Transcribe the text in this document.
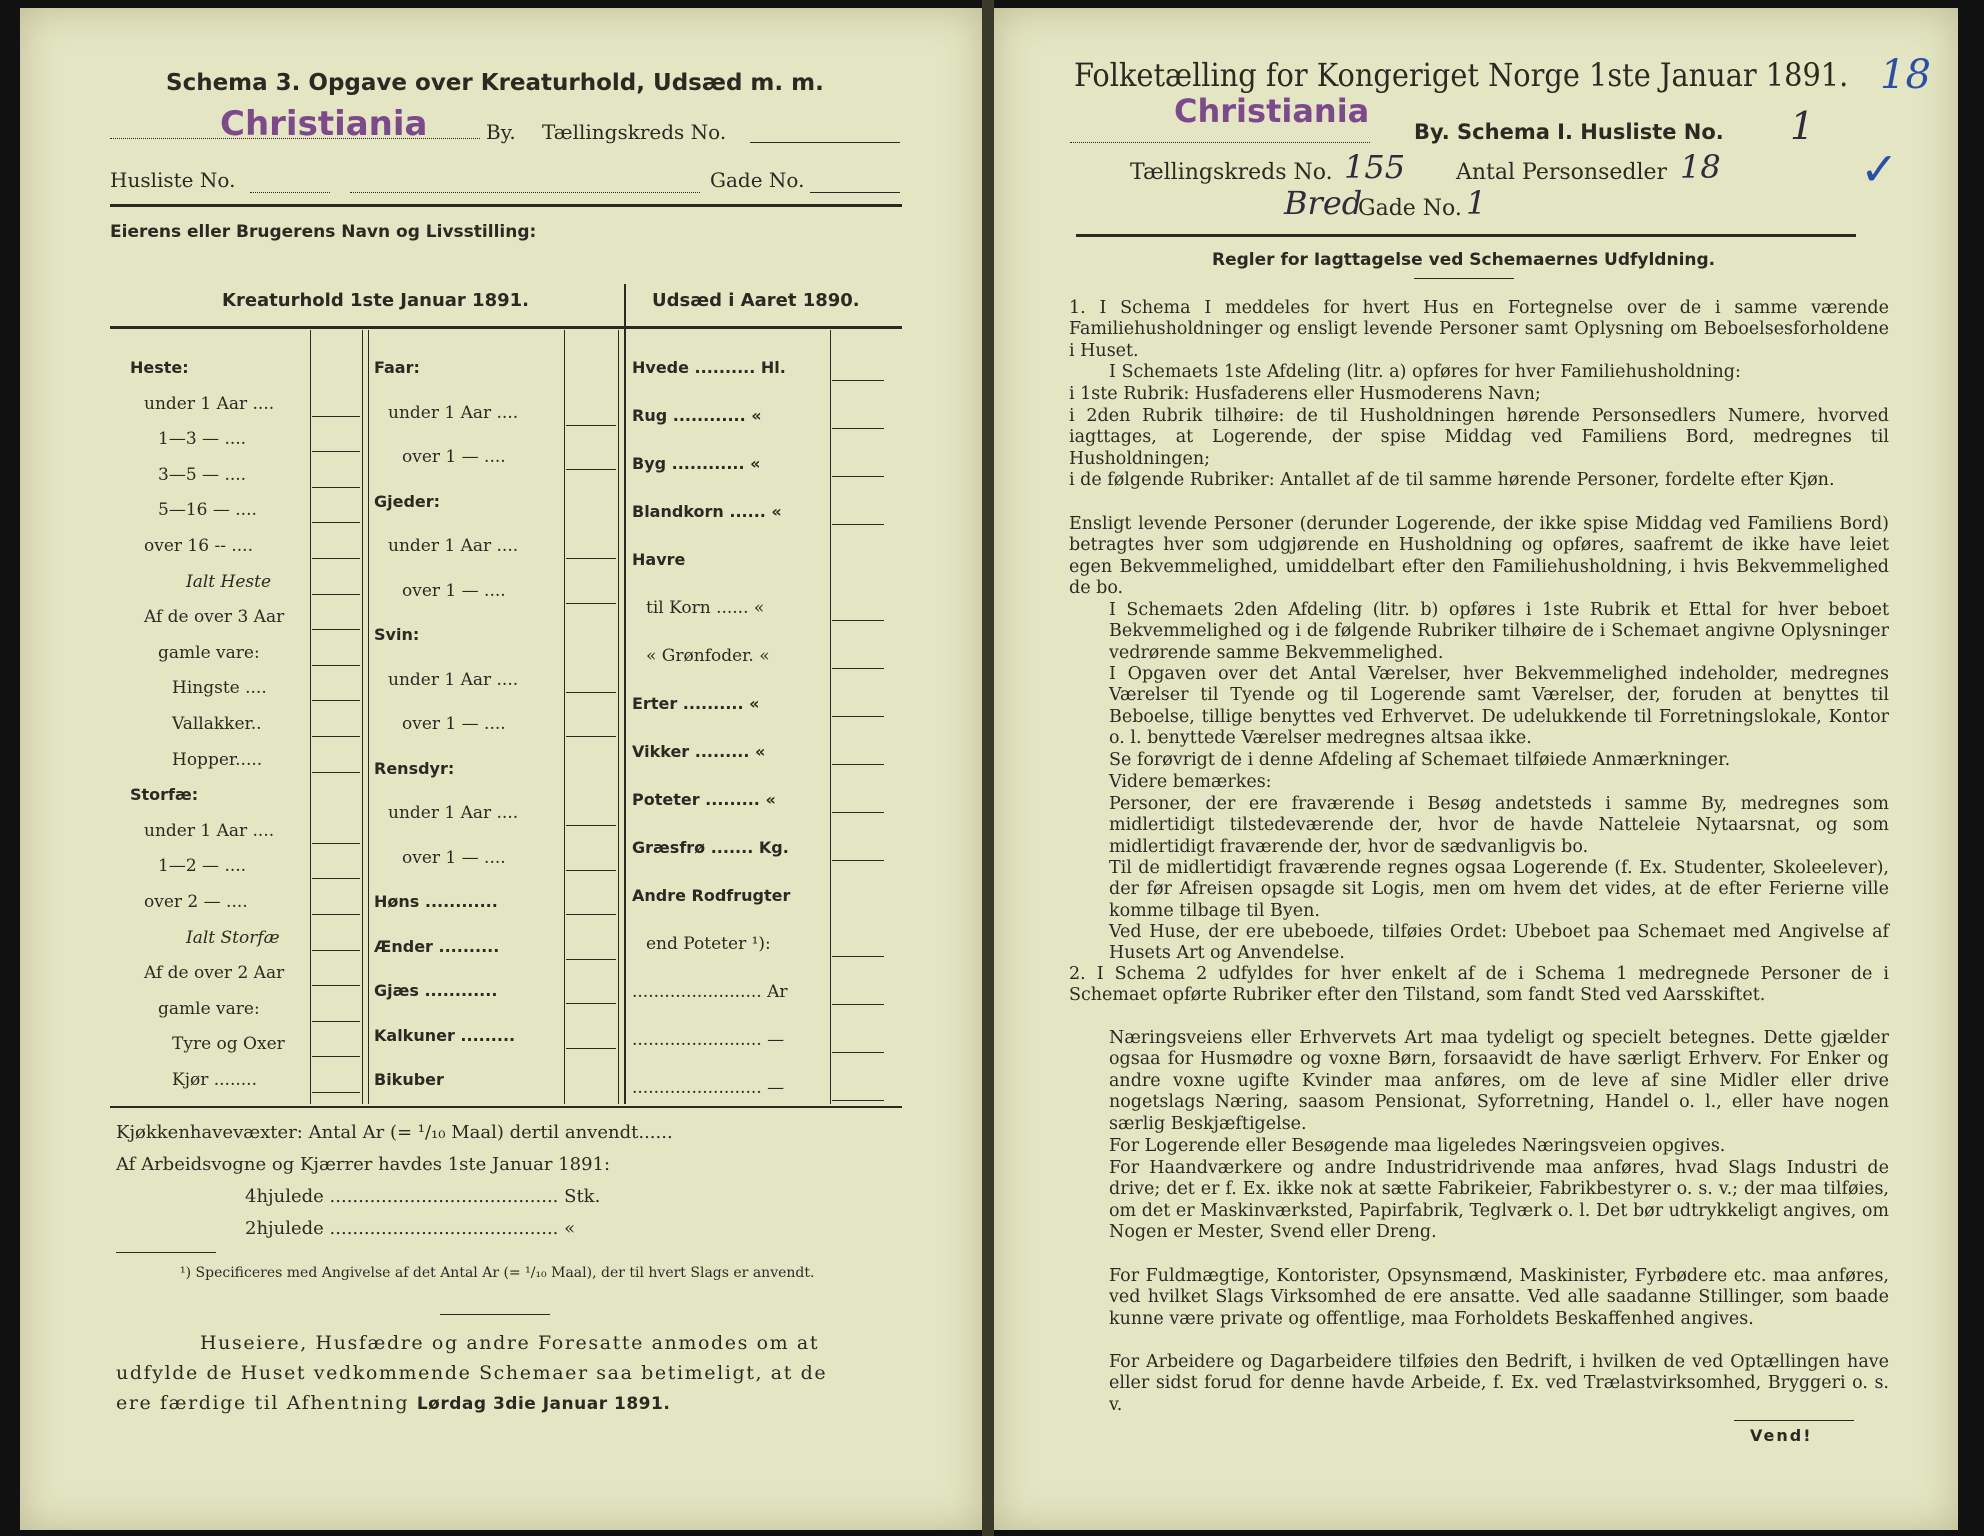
Schema 3. Opgave over Kreaturhold, Udsæd m. m.
Christiania	By. Tællingskreds No.
Husliste No.	Gade No.
Eierens eller Brugerens Navn og Livsstilling:
Kreaturhold 1ste Januar 1891.	Udsæd i Aaret 1890.
Heste:
under 1 Aar ....
1—3 — ....
3—5 — ....
5—16 — ....
over 16 -- ....
Ialt Heste
Af de over 3 Aar
gamle vare:
Hingste ....
Vallakker..
Hopper.....
Storfæ:
under 1 Aar ....
1—2 — ....
over 2 — ....
Ialt Storfæ
Af de over 2 Aar
gamle vare:
Tyre og Oxer
Kjør ........
Faar:
under 1 Aar ....
over 1 — ....
Gjeder:
under 1 Aar ....
over 1 — ....
Svin:
under 1 Aar ....
over 1 — ....
Rensdyr:
under 1 Aar ....
over 1 — ....
Høns ............
Ænder ..........
Gjæs ............
Kalkuner .........
Bikuber
Hvede .......... Hl.
Rug ............ «
Byg ............ «
Blandkorn ...... «
Havre
til Korn ...... «
« Grønfoder. «
Erter .......... «
Vikker ......... «
Poteter ......... «
Græsfrø ....... Kg.
Andre Rodfrugter
end Poteter ¹):
........................ Ar
........................ —
........................ —
Kjøkkenhavevæxter: Antal Ar (= ¹/₁₀ Maal) dertil anvendt......
Af Arbeidsvogne og Kjærrer havdes 1ste Januar 1891:
4hjulede ........................................ Stk.
2hjulede ........................................ «
¹) Specificeres med Angivelse af det Antal Ar (= ¹/₁₀ Maal), der til hvert Slags er anvendt.
Huseiere, Husfædre og andre Foresatte anmodes om at
udfylde de Huset vedkommende Schemaer saa betimeligt, at de
ere færdige til Afhentning Lørdag 3die Januar 1891.
Folketælling for Kongeriget Norge 1ste Januar 1891. 18
Christiania
By. Schema I. Husliste No. 1
Tællingskreds No. 155 Antal Personsedler 18	✓
Bred
Gade No. 1
Regler for Iagttagelse ved Schemaernes Udfyldning.
1. I Schema I meddeles for hvert Hus en Fortegnelse over de i samme værende Familiehusholdninger og ensligt levende Personer samt Oplysning om Beboelsesforholdene i Huset.
I Schemaets 1ste Afdeling (litr. a) opføres for hver Familiehusholdning:
i 1ste Rubrik: Husfaderens eller Husmoderens Navn;
i 2den Rubrik tilhøire: de til Husholdningen hørende Personsedlers Numere, hvorved iagttages, at Logerende, der spise Middag ved Familiens Bord, medregnes til Husholdningen;
i de følgende Rubriker: Antallet af de til samme hørende Personer, fordelte efter Kjøn.
Ensligt levende Personer (derunder Logerende, der ikke spise Middag ved Familiens Bord) betragtes hver som udgjørende en Husholdning og opføres, saafremt de ikke have leiet egen Bekvemmelighed, umiddelbart efter den Familiehusholdning, i hvis Bekvemmelighed de bo.
I Schemaets 2den Afdeling (litr. b) opføres i 1ste Rubrik et Ettal for hver beboet Bekvemmelighed og i de følgende Rubriker tilhøire de i Schemaet angivne Oplysninger vedrørende samme Bekvemmelighed.
I Opgaven over det Antal Værelser, hver Bekvemmelighed indeholder, medregnes Værelser til Tyende og til Logerende samt Værelser, der, foruden at benyttes til Beboelse, tillige benyttes ved Erhvervet. De udelukkende til Forretningslokale, Kontor o. l. benyttede Værelser medregnes altsaa ikke.
Se forøvrigt de i denne Afdeling af Schemaet tilføiede Anmærkninger.
Videre bemærkes:
Personer, der ere fraværende i Besøg andetsteds i samme By, medregnes som midlertidigt tilstedeværende der, hvor de havde Natteleie Nytaarsnat, og som midlertidigt fraværende der, hvor de sædvanligvis bo.
Til de midlertidigt fraværende regnes ogsaa Logerende (f. Ex. Studenter, Skoleelever), der før Afreisen opsagde sit Logis, men om hvem det vides, at de efter Ferierne ville komme tilbage til Byen.
Ved Huse, der ere ubeboede, tilføies Ordet: Ubeboet paa Schemaet med Angivelse af Husets Art og Anvendelse.
2. I Schema 2 udfyldes for hver enkelt af de i Schema 1 medregnede Personer de i Schemaet opførte Rubriker efter den Tilstand, som fandt Sted ved Aarsskiftet.
Næringsveiens eller Erhvervets Art maa tydeligt og specielt betegnes. Dette gjælder ogsaa for Husmødre og voxne Børn, forsaavidt de have særligt Erhverv. For Enker og andre voxne ugifte Kvinder maa anføres, om de leve af sine Midler eller drive nogetslags Næring, saasom Pensionat, Syforretning, Handel o. l., eller have nogen særlig Beskjæftigelse.
For Logerende eller Besøgende maa ligeledes Næringsveien opgives.
For Haandværkere og andre Industridrivende maa anføres, hvad Slags Industri de drive; det er f. Ex. ikke nok at sætte Fabrikeier, Fabrikbestyrer o. s. v.; der maa tilføies, om det er Maskinværksted, Papirfabrik, Teglværk o. l. Det bør udtrykkeligt angives, om Nogen er Mester, Svend eller Dreng.
For Fuldmægtige, Kontorister, Opsynsmænd, Maskinister, Fyrbødere etc. maa anføres, ved hvilket Slags Virksomhed de ere ansatte. Ved alle saadanne Stillinger, som baade kunne være private og offentlige, maa Forholdets Beskaffenhed angives.
For Arbeidere og Dagarbeidere tilføies den Bedrift, i hvilken de ved Optællingen have eller sidst forud for denne havde Arbeide, f. Ex. ved Trælastvirksomhed, Bryggeri o. s. v.
Vend!
